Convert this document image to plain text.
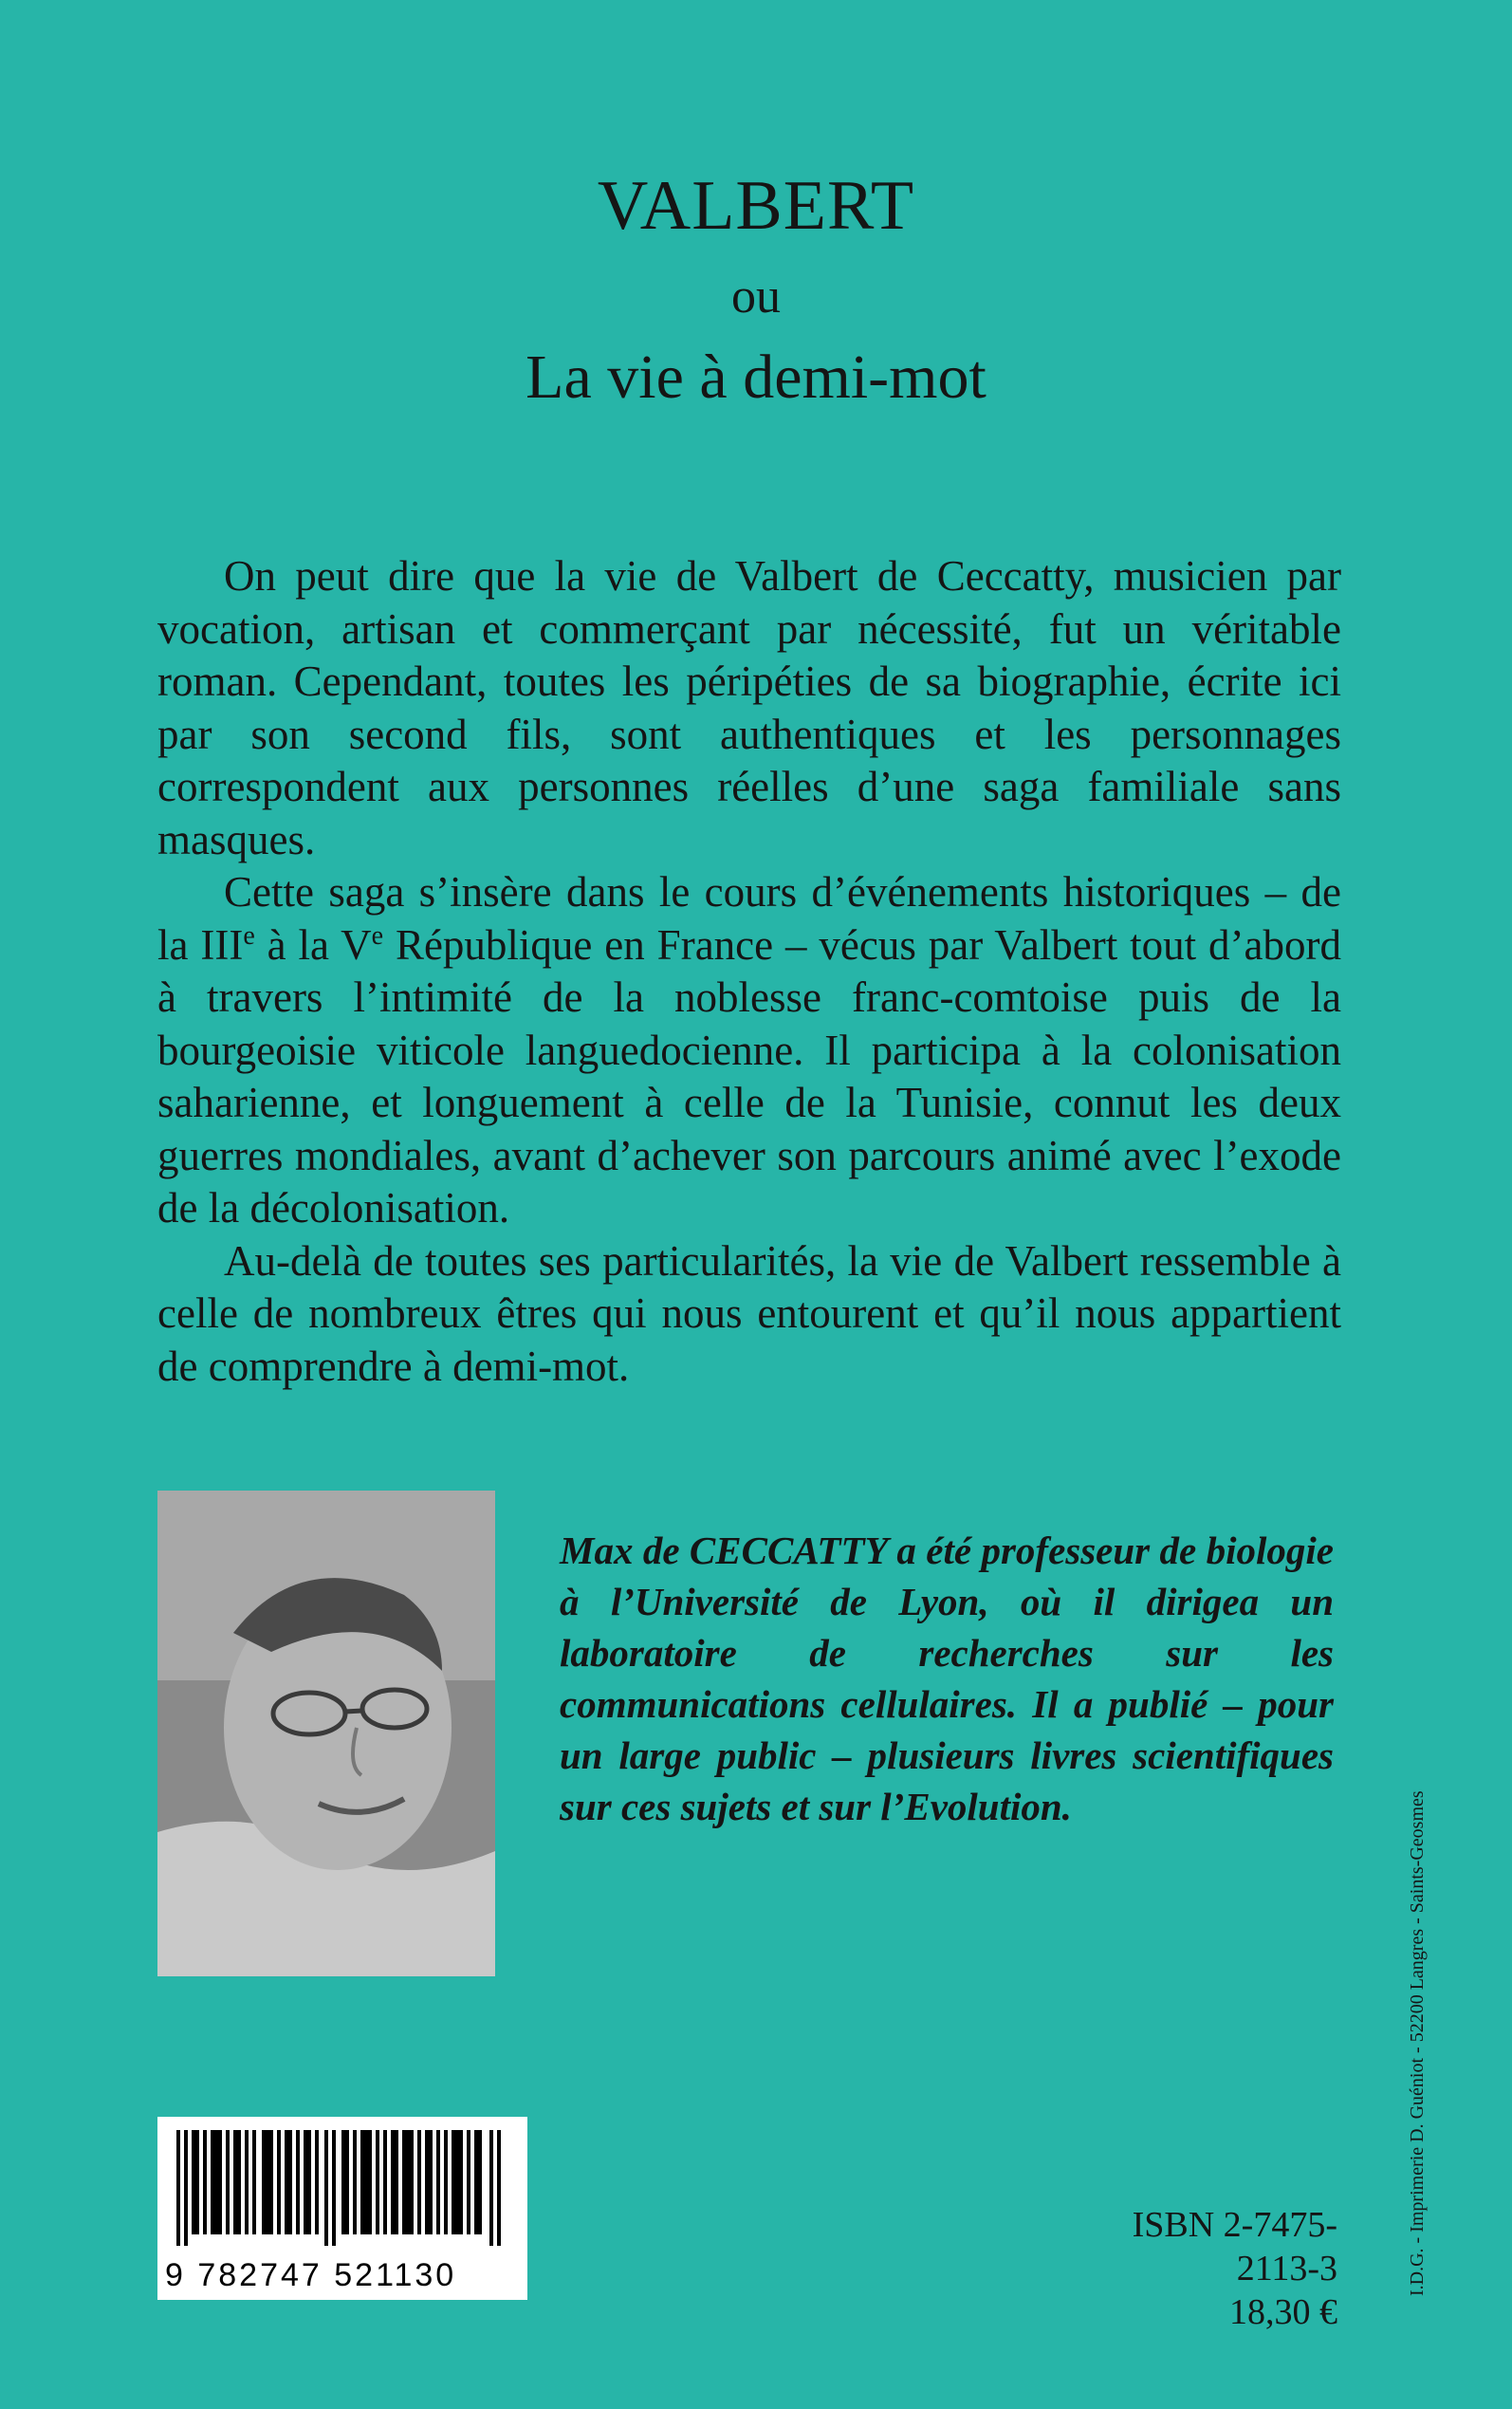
VALBERT
ou
La vie à demi-mot

On peut dire que la vie de Valbert de Ceccatty, musicien par vocation, artisan et commerçant par nécessité, fut un véritable roman. Cependant, toutes les péripéties de sa biographie, écrite ici par son second fils, sont authentiques et les personnages correspondent aux personnes réelles d’une saga familiale sans masques.

Cette saga s’insère dans le cours d’événements historiques – de la IIIe à la Ve République en France – vécus par Valbert tout d’abord à travers l’intimité de la noblesse franc-comtoise puis de la bourgeoisie viticole languedocienne. Il participa à la colonisation saharienne, et longuement à celle de la Tunisie, connut les deux guerres mondiales, avant d’achever son parcours animé avec l’exode de la décolonisation.

Au-delà de toutes ses particularités, la vie de Valbert ressemble à celle de nombreux êtres qui nous entourent et qu’il nous appartient de comprendre à demi-mot.

Max de CECCATTY a été professeur de biologie à l’Université de Lyon, où il dirigea un laboratoire de recherches sur les communications cellulaires. Il a publié – pour un large public – plusieurs livres scientifiques sur ces sujets et sur l’Evolution.
9 782747 521130
ISBN 2-7475-2113-3
18,30 €
I.D.G. - Imprimerie D. Guéniot - 52200 Langres - Saints-Geosmes
